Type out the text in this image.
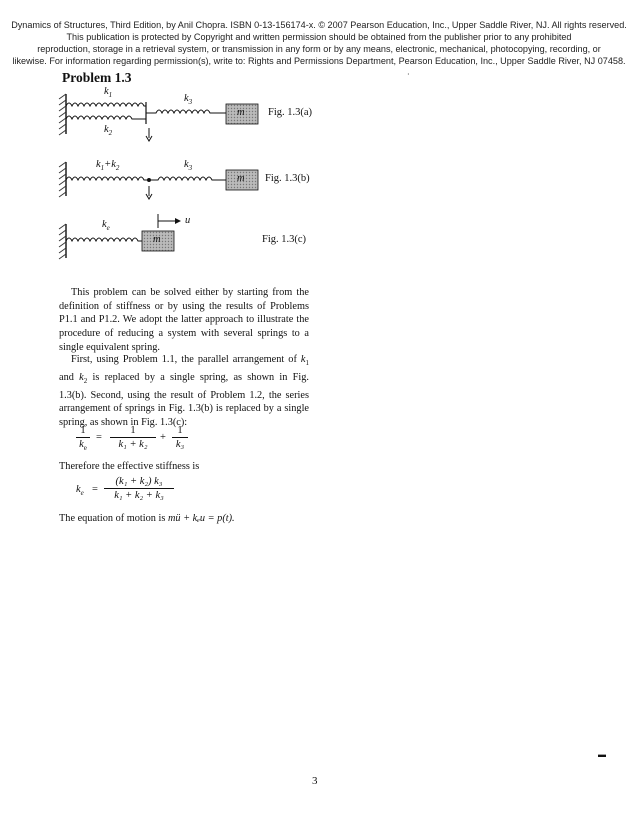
Dynamics of Structures, Third Edition, by Anil Chopra. ISBN 0-13-156174-x. © 2007 Pearson Education, Inc., Upper Saddle River, NJ. All rights reserved.
This publication is protected by Copyright and written permission should be obtained from the publisher prior to any prohibited
reproduction, storage in a retrieval system, or transmission in any form or by any means, electronic, mechanical, photocopying, recording, or
likewise. For information regarding permission(s), write to: Rights and Permissions Department, Pearson Education, Inc., Upper Saddle River, NJ 07458.
Problem 1.3
$k_1$
$k_2$
$k_3$
m Fig. 1.3(a)
$k_1+k_2$	$k_3$
m Fig. 1.3(b)
$k_e$
m
u
Fig. 1.3(c)

This problem can be solved either by starting from the definition of stiffness or by using the results of Problems P1.1 and P1.2. We adopt the latter approach to illustrate the procedure of reducing a system with several springs to a single equivalent spring.

First, using Problem 1.1, the parallel arrangement of $k_1$ and $k_2$ is replaced by a single spring, as shown in Fig. 1.3(b). Second, using the result of Problem 1.2, the series arrangement of springs in Fig. 1.3(b) is replaced by a single spring, as shown in Fig. 1.3(c):

$\frac{1}{k_e} = \frac{1}{\text{k₁ + k₂}} + \frac{1}{\text{k₃}}$
Therefore the effective stiffness is
$k_e = \frac{\text{(k₁ + k₂) k₃}}{\text{k₁ + k₂ + k₃}}$
The equation of motion is mü + kₑu = p(t).
3
·
▬
